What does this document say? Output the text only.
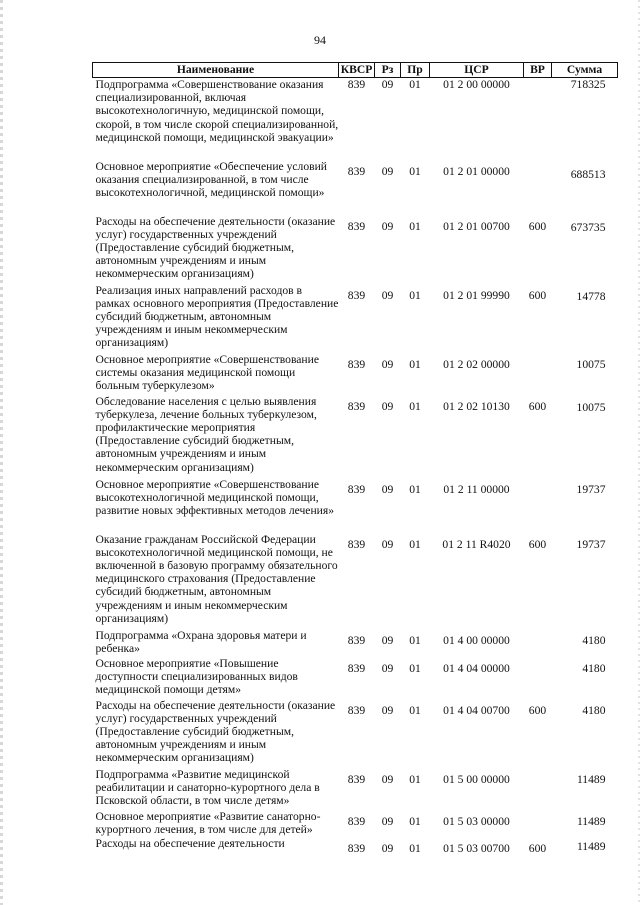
94
Наименование	КВСР	Рз	Пр	ЦСР	ВР	Сумма
Подпрограмма «Совершенствование оказания специализированной, включая высокотехнологичную, медицинской помощи, скорой, в том числе скорой специализированной, медицинской помощи, медицинской эвакуации»	839	09	01	01 2 00 00000		718325
Основное мероприятие «Обеспечение условий оказания специализированной, в том числе высокотехнологичной, медицинской помощи»	839	09	01	01 2 01 00000		688513
Расходы на обеспечение деятельности (оказание услуг) государственных учреждений (Предоставление субсидий бюджетным, автономным учреждениям и иным некоммерческим организациям)	839	09	01	01 2 01 00700	600	673735
Реализация иных направлений расходов в рамках основного мероприятия (Предоставление субсидий бюджетным, автономным учреждениям и иным некоммерческим организациям)	839	09	01	01 2 01 99990	600	14778
Основное мероприятие «Совершенствование системы оказания медицинской помощи больным туберкулезом»	839	09	01	01 2 02 00000		10075
Обследование населения с целью выявления туберкулеза, лечение больных туберкулезом, профилактические мероприятия (Предоставление субсидий бюджетным, автономным учреждениям и иным некоммерческим организациям)	839	09	01	01 2 02 10130	600	10075
Основное мероприятие «Совершенствование высокотехнологичной медицинской помощи, развитие новых эффективных методов лечения»	839	09	01	01 2 11 00000		19737
Оказание гражданам Российской Федерации высокотехнологичной медицинской помощи, не включенной в базовую программу обязательного медицинского страхования (Предоставление субсидий бюджетным, автономным учреждениям и иным некоммерческим организациям)	839	09	01	01 2 11 R4020	600	19737
Подпрограмма «Охрана здоровья матери и ребенка»	839	09	01	01 4 00 00000		4180
Основное мероприятие «Повышение доступности специализированных видов медицинской помощи детям»	839	09	01	01 4 04 00000		4180
Расходы на обеспечение деятельности (оказание услуг) государственных учреждений (Предоставление субсидий бюджетным, автономным учреждениям и иным некоммерческим организациям)	839	09	01	01 4 04 00700	600	4180
Подпрограмма «Развитие медицинской реабилитации и санаторно-курортного дела в Псковской области, в том числе детям»	839	09	01	01 5 00 00000		11489
Основное мероприятие «Развитие санаторно-курортного лечения, в том числе для детей»	839	09	01	01 5 03 00000		11489
Расходы на обеспечение деятельности	839	09	01	01 5 03 00700	600	11489
